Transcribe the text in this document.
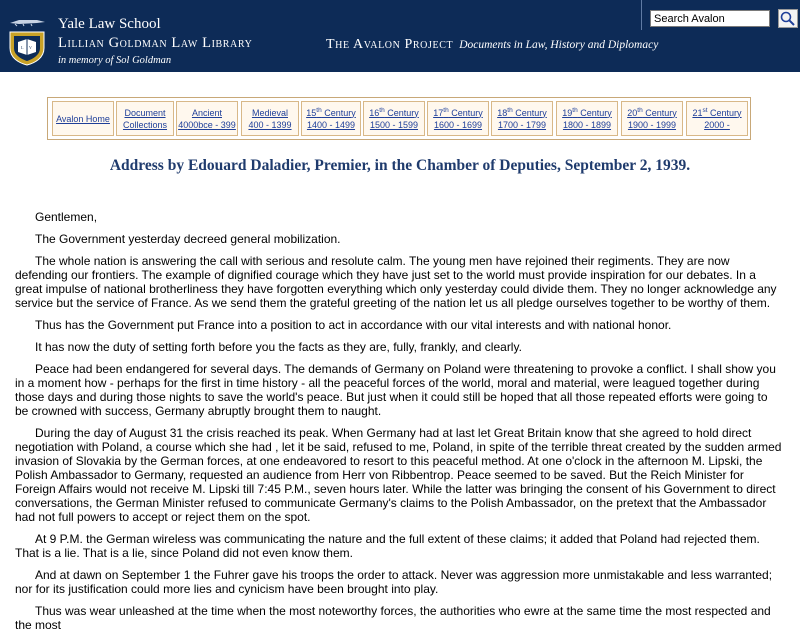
L V
Yale Law School
Lillian Goldman Law Library
in memory of Sol Goldman
The Avalon Project Documents in Law, History and Diplomacy
Search Avalon
Avalon Home
Document
Collections
Ancient
4000bce - 399
Medieval
400 - 1399
15th Century
1400 - 1499
16th Century
1500 - 1599
17th Century
1600 - 1699
18th Century
1700 - 1799
19th Century
1800 - 1899
20th Century
1900 - 1999
21st Century
2000 -
Address by Edouard Daladier, Premier, in the Chamber of Deputies, September 2, 1939.

Gentlemen,

The Government yesterday decreed general mobilization.

The whole nation is answering the call with serious and resolute calm. The young men have rejoined their regiments. They are now defending our frontiers. The example of dignified courage which they have just set to the world must provide inspiration for our debates. In a great impulse of national brotherliness they have forgotten everything which only yesterday could divide them. They no longer acknowledge any service but the service of France. As we send them the grateful greeting of the nation let us all pledge ourselves together to be worthy of them.

Thus has the Government put France into a position to act in accordance with our vital interests and with national honor.

It has now the duty of setting forth before you the facts as they are, fully, frankly, and clearly.

Peace had been endangered for several days. The demands of Germany on Poland were threatening to provoke a conflict. I shall show you in a moment how - perhaps for the first in time history - all the peaceful forces of the world, moral and material, were leagued together during those days and during those nights to save the world's peace. But just when it could still be hoped that all those repeated efforts were going to be crowned with success, Germany abruptly brought them to naught.

During the day of August 31 the crisis reached its peak. When Germany had at last let Great Britain know that she agreed to hold direct negotiation with Poland, a course which she had , let it be said, refused to me, Poland, in spite of the terrible threat created by the sudden armed invasion of Slovakia by the German forces, at one endeavored to resort to this peaceful method. At one o'clock in the afternoon M. Lipski, the Polish Ambassador to Germany, requested an audience from Herr von Ribbentrop. Peace seemed to be saved. But the Reich Minister for Foreign Affairs would not receive M. Lipski till 7:45 P.M., seven hours later. While the latter was bringing the consent of his Government to direct conversations, the German Minister refused to communicate Germany's claims to the Polish Ambassador, on the pretext that the Ambassador had not full powers to accept or reject them on the spot.

At 9 P.M. the German wireless was communicating the nature and the full extent of these claims; it added that Poland had rejected them. That is a lie. That is a lie, since Poland did not even know them.

And at dawn on September 1 the Fuhrer gave his troops the order to attack. Never was aggression more unmistakable and less warranted; nor for its justification could more lies and cynicism have been brought into play.

Thus was wear unleashed at the time when the most noteworthy forces, the authorities who ewre at the same time the most respected and the most
